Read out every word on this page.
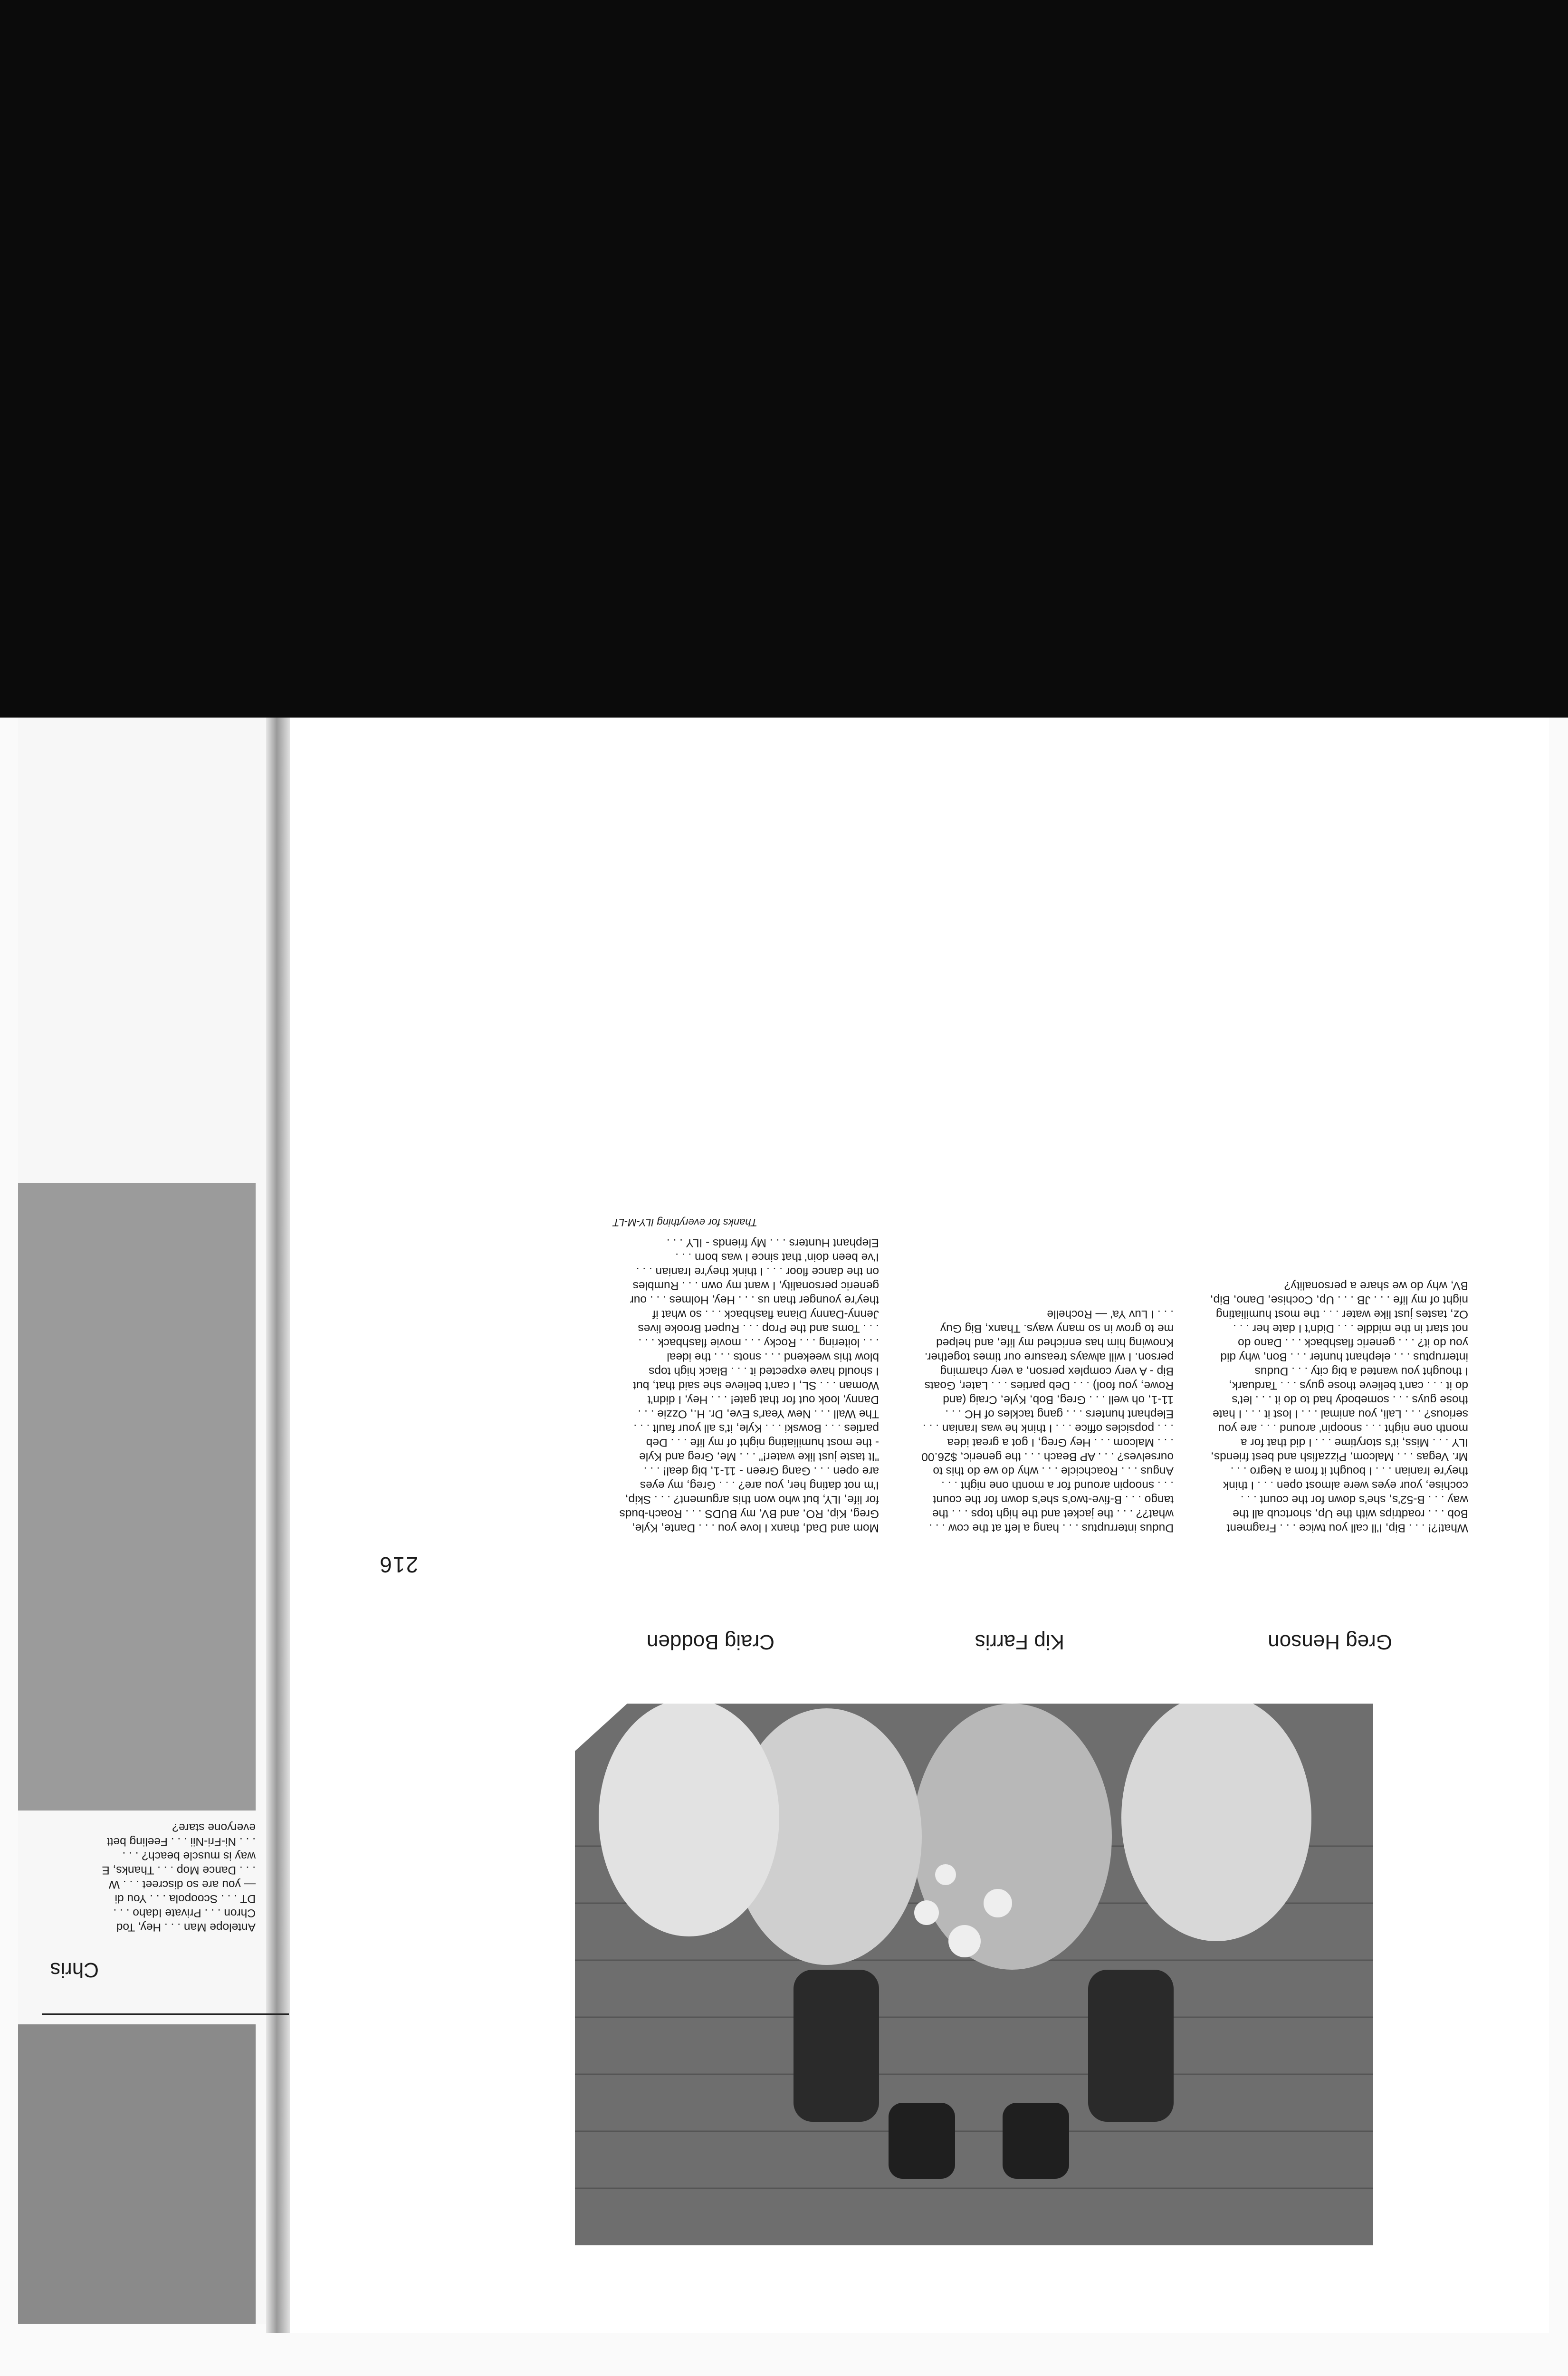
Chris
Antelope Man . . . Hey, Tod
Chron . . . Private Idaho . . .
DT . . . Scoopola . . . You di
— you are so discreet . . . W
. . . Dance Mop . . . Thanks, E
way is muscle beach? . . .
. . . Ni-Fri-Nii . . . Feeling bett
everyone stare?
Greg Henson
Kip Farris
Craig Bodden
What!?! . . . Bip, I'll call you twice . . . Fragment
Bob . . . roadtrips with the Up, shortcub all the
way . . . B-52's, she's down for the count . . .
cochise, your eyes were almost open . . . I think
they're Iranian . . . I bought it from a Negro . . .
Mr. Vegas . . . Malcom, Pizzafish and best friends,
ILY . . . Miss, it's storytime . . . I did that for a
month one night . . . snoopin' around . . . are you
serious? . . . Lali, you animal . . . I lost it . . . I hate
those guys . . . somebody had to do it . . . let's
do it . . . can't believe those guys . . . Tarduark,
I thought you wanted a big city . . . Dudus
interruptus . . . elephant hunter . . . Bon, why did
you do it? . . . generic flashback . . . Dano do
not start in the middle . . . Didn't I date her . . .
Oz, tastes just like water . . . the most humiliating
night of my life . . . JB . . . Up, Cochise, Dano, Bip,
BV, why do we share a personality?
Dudus interruptus . . . hang a left at the cow . . .
what?? . . . the jacket and the high tops . . . the
tango . . . B-five-two's she's down for the count
. . . snoopin around for a month one night . . .
Angus . . . Roachcicle . . . why do we do this to
ourselves? . . . AP Beach . . . the generic, $26.00
. . . Malcom . . . Hey Greg, I got a great idea
. . . popsicles office . . . I think he was Iranian . . .
Elephant hunters . . . gang tackles of HC . . .
11-1, oh well . . . Greg, Bob, Kyle, Craig (and
Rowe, you fool) . . . Deb parties . . . Later, Goats
Bip - A very complex person, a very charming
person. I will always treasure our times together.
Knowing him has enriched my life, and helped
me to grow in so many ways. Thanx, Big Guy
. . . I Luv Ya' — Rochelle
Mom and Dad, thanx I love you . . . Dante, Kyle,
Greg, Kip, RO, and BV, my BUDS . . . Roach-buds
for life, ILY, but who won this argument? . . . Skip,
I'm not dating her, you are? . . . Greg, my eyes
are open . . . Gang Green - 11-1, big deal! . . .
"It taste just like water!" . . . Me, Greg and Kyle
- the most humiliating night of my life . . . Deb
parties . . . Bowski . . . Kyle, it's all your fault . . .
The Wall . . . New Year's Eve, Dr. H., Ozzie . . .
Danny, look out for that gate! . . . Hey, I didn't
Woman . . . SL, I can't believe she said that, but
I should have expected it . . . Black high tops
blow this weekend . . . snots . . . the ideal
. . . loitering . . . Rocky . . . movie flashback . . .
. . . Toms and the Prop . . . Rupert Brooke lives
Jenny-Danny Diana flashback . . . so what if
they're younger than us . . . Hey, Holmes . . . our
generic personality, I want my own . . . Rumbles
on the dance floor . . . I think they're Iranian . . .
I've been doin' that since I was born . . .
Elephant Hunters . . . My friends - ILY . . .
Thanks for everything ILY-M-LT
216
